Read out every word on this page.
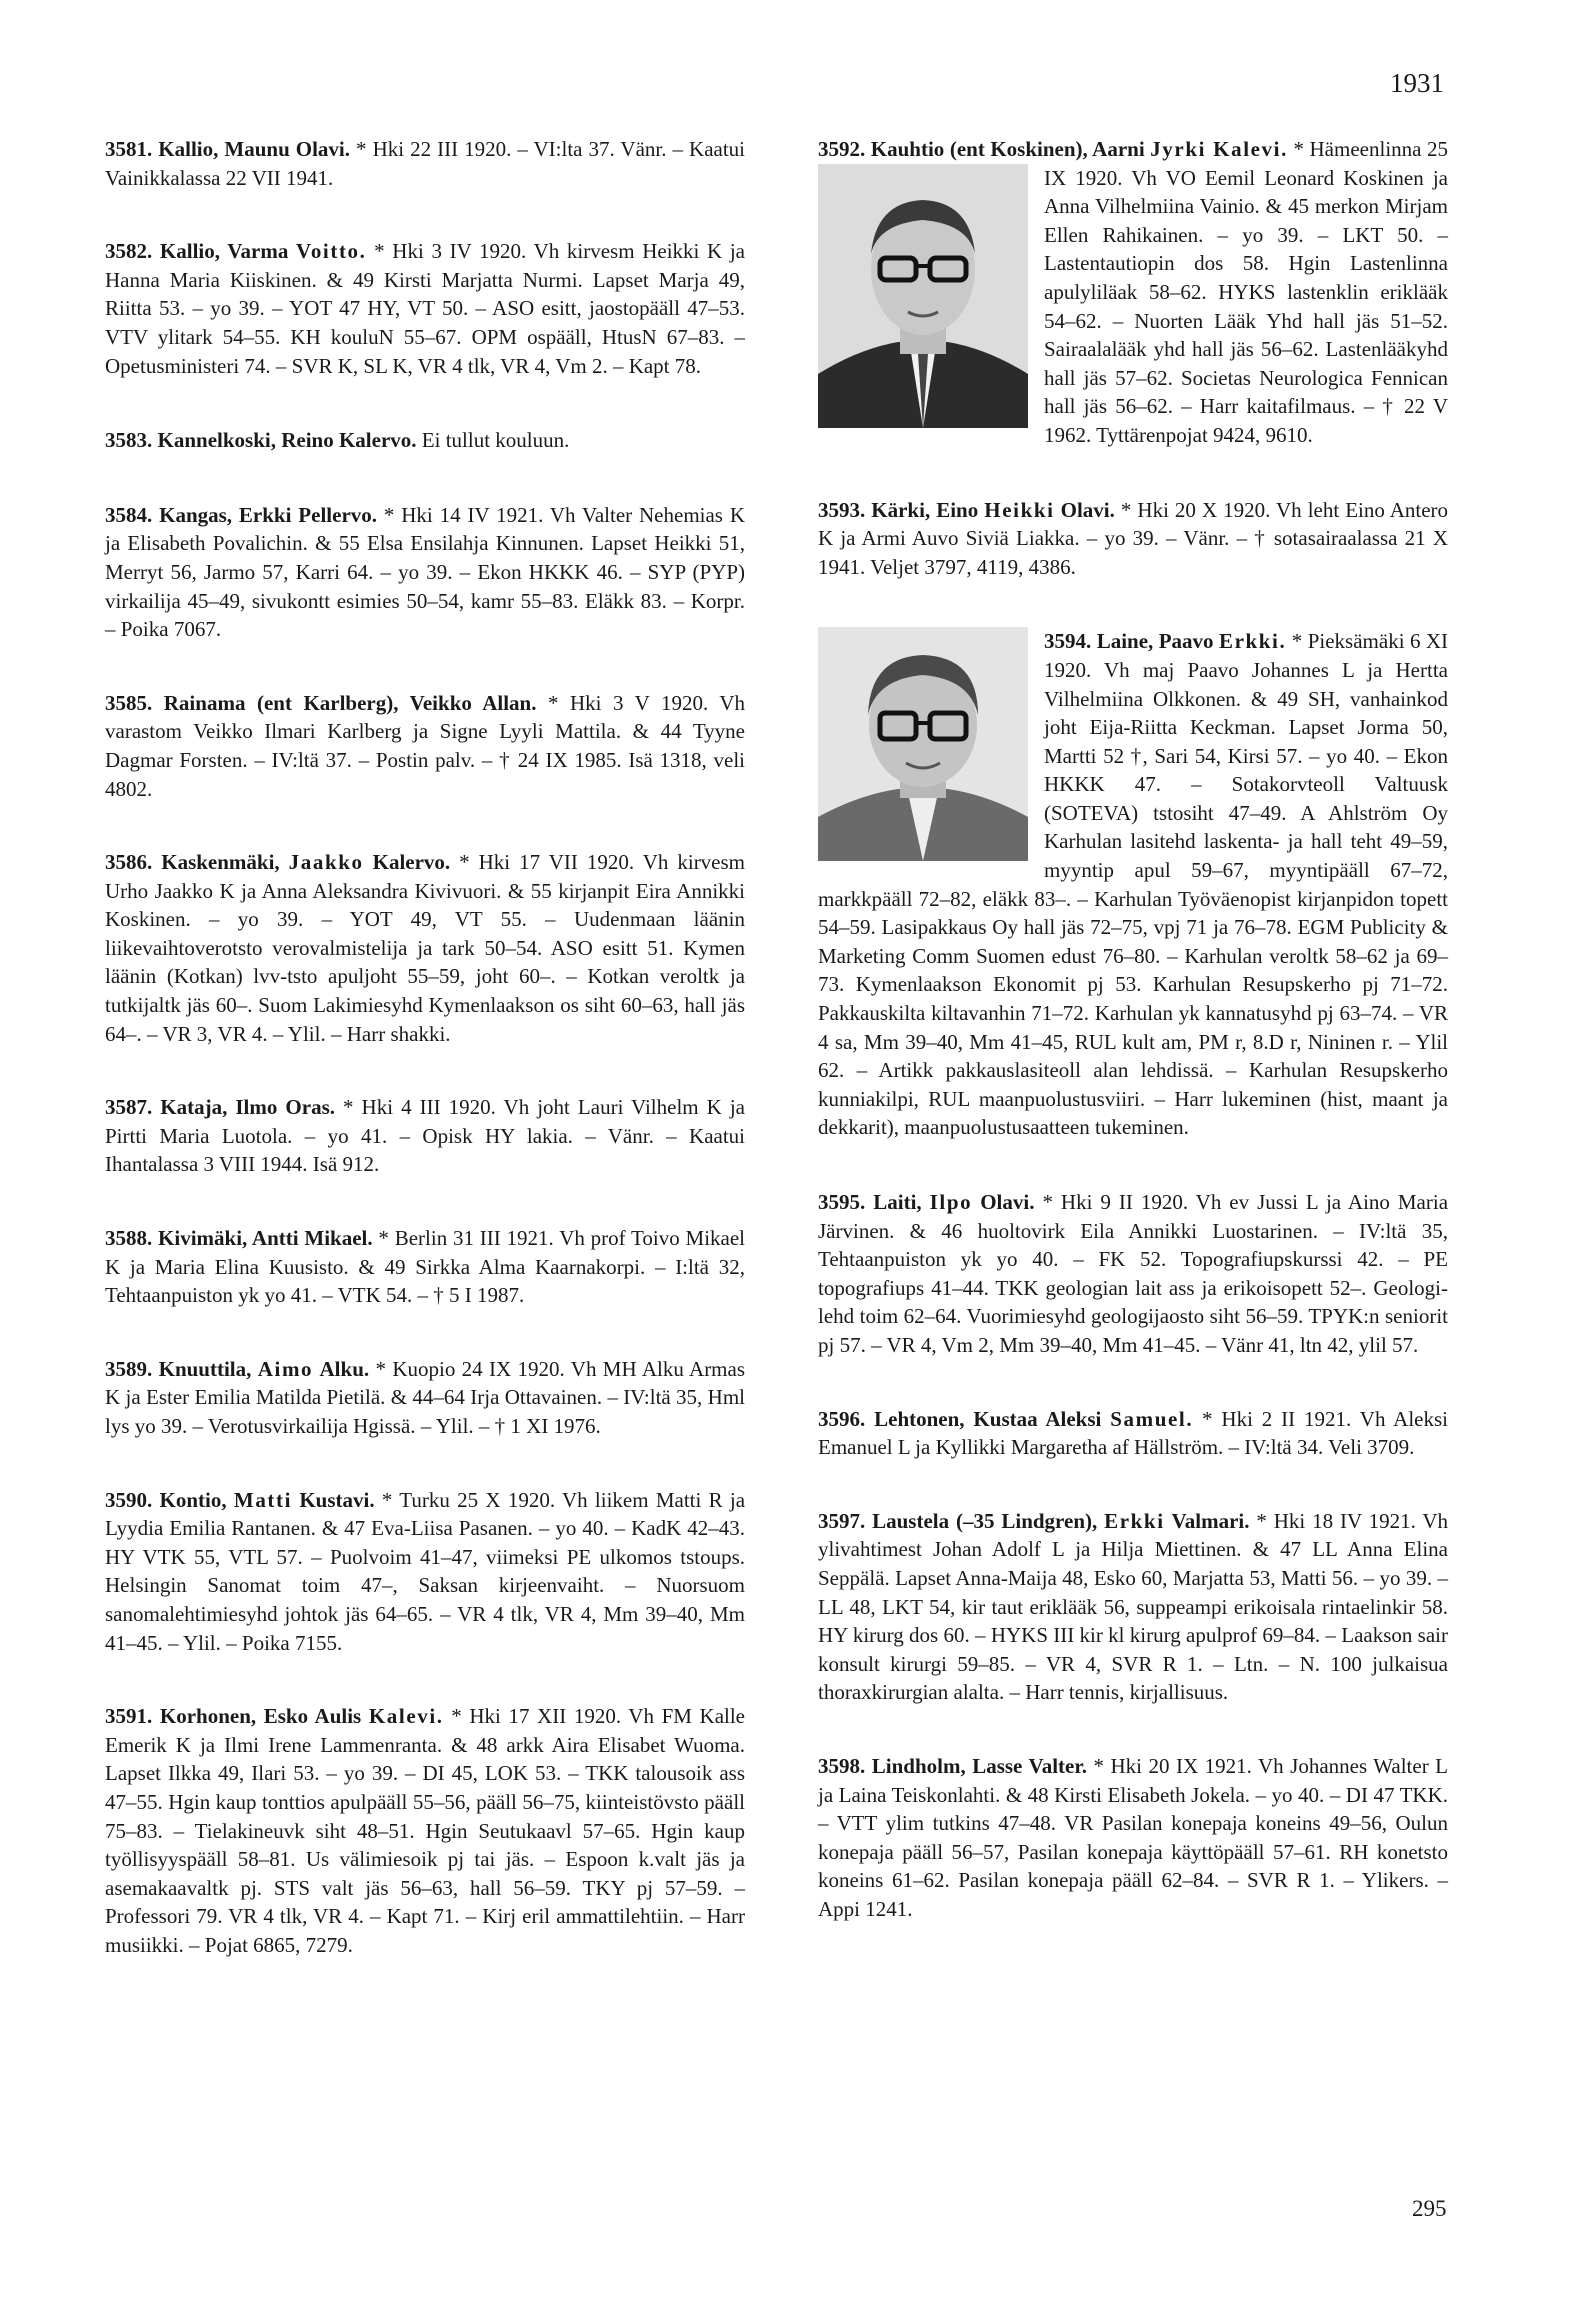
1931

3581. Kallio, Maunu Olavi. * Hki 22 III 1920. – VI:lta 37. Vänr. – Kaatui Vainikkalassa 22 VII 1941.

3582. Kallio, Varma Voitto. * Hki 3 IV 1920. Vh kirvesm Heikki K ja Hanna Maria Kiiskinen. & 49 Kirsti Marjatta Nurmi. Lapset Marja 49, Riitta 53. – yo 39. – YOT 47 HY, VT 50. – ASO esitt, jaostopääll 47–53. VTV ylitark 54–55. KH kouluN 55–67. OPM ospääll, HtusN 67–83. – Opetusministeri 74. – SVR K, SL K, VR 4 tlk, VR 4, Vm 2. – Kapt 78.

3583. Kannelkoski, Reino Kalervo. Ei tullut kouluun.

3584. Kangas, Erkki Pellervo. * Hki 14 IV 1921. Vh Valter Nehemias K ja Elisabeth Povalichin. & 55 Elsa Ensilahja Kinnunen. Lapset Heikki 51, Merryt 56, Jarmo 57, Karri 64. – yo 39. – Ekon HKKK 46. – SYP (PYP) virkailija 45–49, sivukontt esimies 50–54, kamr 55–83. Eläkk 83. – Korpr. – Poika 7067.

3585. Rainama (ent Karlberg), Veikko Allan. * Hki 3 V 1920. Vh varastom Veikko Ilmari Karlberg ja Signe Lyyli Mattila. & 44 Tyyne Dagmar Forsten. – IV:ltä 37. – Postin palv. – † 24 IX 1985. Isä 1318, veli 4802.

3586. Kaskenmäki, Jaakko Kalervo. * Hki 17 VII 1920. Vh kirvesm Urho Jaakko K ja Anna Aleksandra Kivivuori. & 55 kirjanpit Eira Annikki Koskinen. – yo 39. – YOT 49, VT 55. – Uudenmaan läänin liikevaihtoverotsto verovalmistelija ja tark 50–54. ASO esitt 51. Kymen läänin (Kotkan) lvv-tsto apuljoht 55–59, joht 60–. – Kotkan veroltk ja tutkijaltk jäs 60–. Suom Lakimiesyhd Kymenlaakson os siht 60–63, hall jäs 64–. – VR 3, VR 4. – Ylil. – Harr shakki.

3587. Kataja, Ilmo Oras. * Hki 4 III 1920. Vh joht Lauri Vilhelm K ja Pirtti Maria Luotola. – yo 41. – Opisk HY lakia. – Vänr. – Kaatui Ihantalassa 3 VIII 1944. Isä 912.

3588. Kivimäki, Antti Mikael. * Berlin 31 III 1921. Vh prof Toivo Mikael K ja Maria Elina Kuusisto. & 49 Sirkka Alma Kaarnakorpi. – I:ltä 32, Tehtaanpuiston yk yo 41. – VTK 54. – † 5 I 1987.

3589. Knuuttila, Aimo Alku. * Kuopio 24 IX 1920. Vh MH Alku Armas K ja Ester Emilia Matilda Pietilä. & 44–64 Irja Ottavainen. – IV:ltä 35, Hml lys yo 39. – Verotusvirkailija Hgissä. – Ylil. – † 1 XI 1976.

3590. Kontio, Matti Kustavi. * Turku 25 X 1920. Vh liikem Matti R ja Lyydia Emilia Rantanen. & 47 Eva-Liisa Pasanen. – yo 40. – KadK 42–43. HY VTK 55, VTL 57. – Puolvoim 41–47, viimeksi PE ulkomos tstoups. Helsingin Sanomat toim 47–, Saksan kirjeenvaiht. – Nuorsuom sanomalehtimiesyhd johtok jäs 64–65. – VR 4 tlk, VR 4, Mm 39–40, Mm 41–45. – Ylil. – Poika 7155.

3591. Korhonen, Esko Aulis Kalevi. * Hki 17 XII 1920. Vh FM Kalle Emerik K ja Ilmi Irene Lammenranta. & 48 arkk Aira Elisabet Wuoma. Lapset Ilkka 49, Ilari 53. – yo 39. – DI 45, LOK 53. – TKK talousoik ass 47–55. Hgin kaup tonttios apulpääll 55–56, pääll 56–75, kiinteistövsto pääll 75–83. – Tielakineuvk siht 48–51. Hgin Seutukaavl 57–65. Hgin kaup työllisyyspääll 58–81. Us välimiesoik pj tai jäs. – Espoon k.valt jäs ja asemakaavaltk pj. STS valt jäs 56–63, hall 56–59. TKY pj 57–59. – Professori 79. VR 4 tlk, VR 4. – Kapt 71. – Kirj eril ammattilehtiin. – Harr musiikki. – Pojat 6865, 7279.

3592. Kauhtio (ent Koskinen), Aarni Jyrki Kalevi.
* Hämeenlinna 25 IX 1920. Vh VO Eemil Leonard Koskinen ja Anna Vilhelmiina Vainio. & 45 merkon Mirjam Ellen Rahikainen. – yo 39. – LKT 50. – Lastentautiopin dos 58. Hgin Lastenlinna apulyliläak 58–62. HYKS lastenklin eriklääk 54–62. – Nuorten Lääk Yhd hall jäs 51–52. Sairaalalääk yhd hall jäs 56–62. Lastenlääkyhd hall jäs 57–62. Societas Neurologica Fennican hall jäs 56–62. – Harr kaitafilmaus. – † 22 V 1962. Tyttärenpojat 9424, 9610.

3593. Kärki, Eino Heikki Olavi. * Hki 20 X 1920. Vh leht Eino Antero K ja Armi Auvo Siviä Liakka. – yo 39. – Vänr. – † sotasairaalassa 21 X 1941. Veljet 3797, 4119, 4386.

3594. Laine, Paavo Erkki.
* Pieksämäki 6 XI 1920. Vh maj Paavo Johannes L ja Hertta Vilhelmiina Olkkonen. & 49 SH, vanhainkod joht Eija-Riitta Keckman. Lapset Jorma 50, Martti 52 †, Sari 54, Kirsi 57. – yo 40. – Ekon HKKK 47. – Sotakorvteoll Valtuusk (SOTEVA) tstosiht 47–49. A Ahlström Oy Karhulan lasitehd laskenta- ja hall teht 49–59, myyntip apul 59–67, myyntipääll 67–72, markkpääll 72–82, eläkk 83–. – Karhulan Työväenopist kirjanpidon topett 54–59. Lasipakkaus Oy hall jäs 72–75, vpj 71 ja 76–78. EGM Publicity & Marketing Comm Suomen edust 76–80. – Karhulan veroltk 58–62 ja 69–73. Kymenlaakson Ekonomit pj 53. Karhulan Resupskerho pj 71–72. Pakkauskilta kiltavanhin 71–72. Karhulan yk kannatusyhd pj 63–74. – VR 4 sa, Mm 39–40, Mm 41–45, RUL kult am, PM r, 8.D r, Nininen r. – Ylil 62. – Artikk pakkauslasiteoll alan lehdissä. – Karhulan Resupskerho kunniakilpi, RUL maanpuolustusviiri. – Harr lukeminen (hist, maant ja dekkarit), maanpuolustusaatteen tukeminen.

3595. Laiti, Ilpo Olavi. * Hki 9 II 1920. Vh ev Jussi L ja Aino Maria Järvinen. & 46 huoltovirk Eila Annikki Luostarinen. – IV:ltä 35, Tehtaanpuiston yk yo 40. – FK 52. Topografiupskurssi 42. – PE topografiups 41–44. TKK geologian lait ass ja erikoisopett 52–. Geologi-lehd toim 62–64. Vuorimiesyhd geologijaosto siht 56–59. TPYK:n seniorit pj 57. – VR 4, Vm 2, Mm 39–40, Mm 41–45. – Vänr 41, ltn 42, ylil 57.

3596. Lehtonen, Kustaa Aleksi Samuel. * Hki 2 II 1921. Vh Aleksi Emanuel L ja Kyllikki Margaretha af Hällström. – IV:ltä 34. Veli 3709.

3597. Laustela (–35 Lindgren), Erkki Valmari. * Hki 18 IV 1921. Vh ylivahtimest Johan Adolf L ja Hilja Miettinen. & 47 LL Anna Elina Seppälä. Lapset Anna-Maija 48, Esko 60, Marjatta 53, Matti 56. – yo 39. – LL 48, LKT 54, kir taut eriklääk 56, suppeampi erikoisala rintaelinkir 58. HY kirurg dos 60. – HYKS III kir kl kirurg apulprof 69–84. – Laakson sair konsult kirurgi 59–85. – VR 4, SVR R 1. – Ltn. – N. 100 julkaisua thoraxkirurgian alalta. – Harr tennis, kirjallisuus.

3598. Lindholm, Lasse Valter. * Hki 20 IX 1921. Vh Johannes Walter L ja Laina Teiskonlahti. & 48 Kirsti Elisabeth Jokela. – yo 40. – DI 47 TKK. – VTT ylim tutkins 47–48. VR Pasilan konepaja koneins 49–56, Oulun konepaja pääll 56–57, Pasilan konepaja käyttöpääll 57–61. RH konetsto koneins 61–62. Pasilan konepaja pääll 62–84. – SVR R 1. – Ylikers. – Appi 1241.

295
